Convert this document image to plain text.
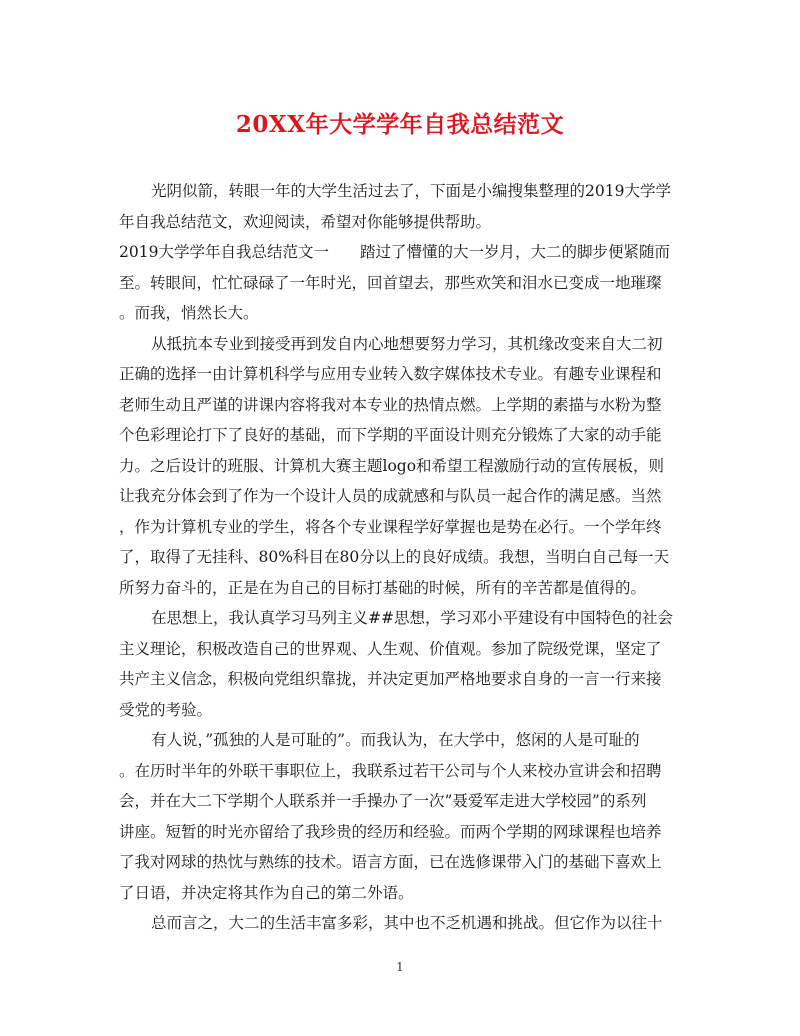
20XX年大学学年自我总结范文

光阴似箭，转眼一年的大学生活过去了，下面是小编搜集整理的2019大学学

年自我总结范文，欢迎阅读，希望对你能够提供帮助。
2019大学学年自我总结范文一　　踏过了懵懂的大一岁月，大二的脚步便紧随而
至。转眼间，忙忙碌碌了一年时光，回首望去，那些欢笑和泪水已变成一地璀璨
。而我，悄然长大。

从抵抗本专业到接受再到发自内心地想要努力学习，其机缘改变来自大二初
正确的选择一由计算机科学与应用专业转入数字媒体技术专业。有趣专业课程和
老师生动且严谨的讲课内容将我对本专业的热情点燃。上学期的素描与水粉为整
个色彩理论打下了良好的基础，而下学期的平面设计则充分锻炼了大家的动手能
力。之后设计的班服、计算机大赛主题logo和希望工程激励行动的宣传展板，则
让我充分体会到了作为一个设计人员的成就感和与队员一起合作的满足感。当然
，作为计算机专业的学生，将各个专业课程学好掌握也是势在必行。一个学年终
了，取得了无挂科、80%科目在80分以上的良好成绩。我想，当明白自己每一天
所努力奋斗的，正是在为自己的目标打基础的时候，所有的辛苦都是值得的。

在思想上，我认真学习马列主义##思想，学习邓小平建设有中国特色的社会
主义理论，积极改造自己的世界观、人生观、价值观。参加了院级党课，坚定了
共产主义信念，积极向党组织靠拢，并决定更加严格地要求自身的一言一行来接
受党的考验。

有人说，”孤独的人是可耻的”。而我认为，在大学中，悠闲的人是可耻的
。在历时半年的外联干事职位上，我联系过若干公司与个人来校办宣讲会和招聘
会，并在大二下学期个人联系并一手操办了一次”聂爱军走进大学校园”的系列
讲座。短暂的时光亦留给了我珍贵的经历和经验。而两个学期的网球课程也培养
了我对网球的热忱与熟练的技术。语言方面，已在选修课带入门的基础下喜欢上
了日语，并决定将其作为自己的第二外语。

总而言之，大二的生活丰富多彩，其中也不乏机遇和挑战。但它作为以往十

1
